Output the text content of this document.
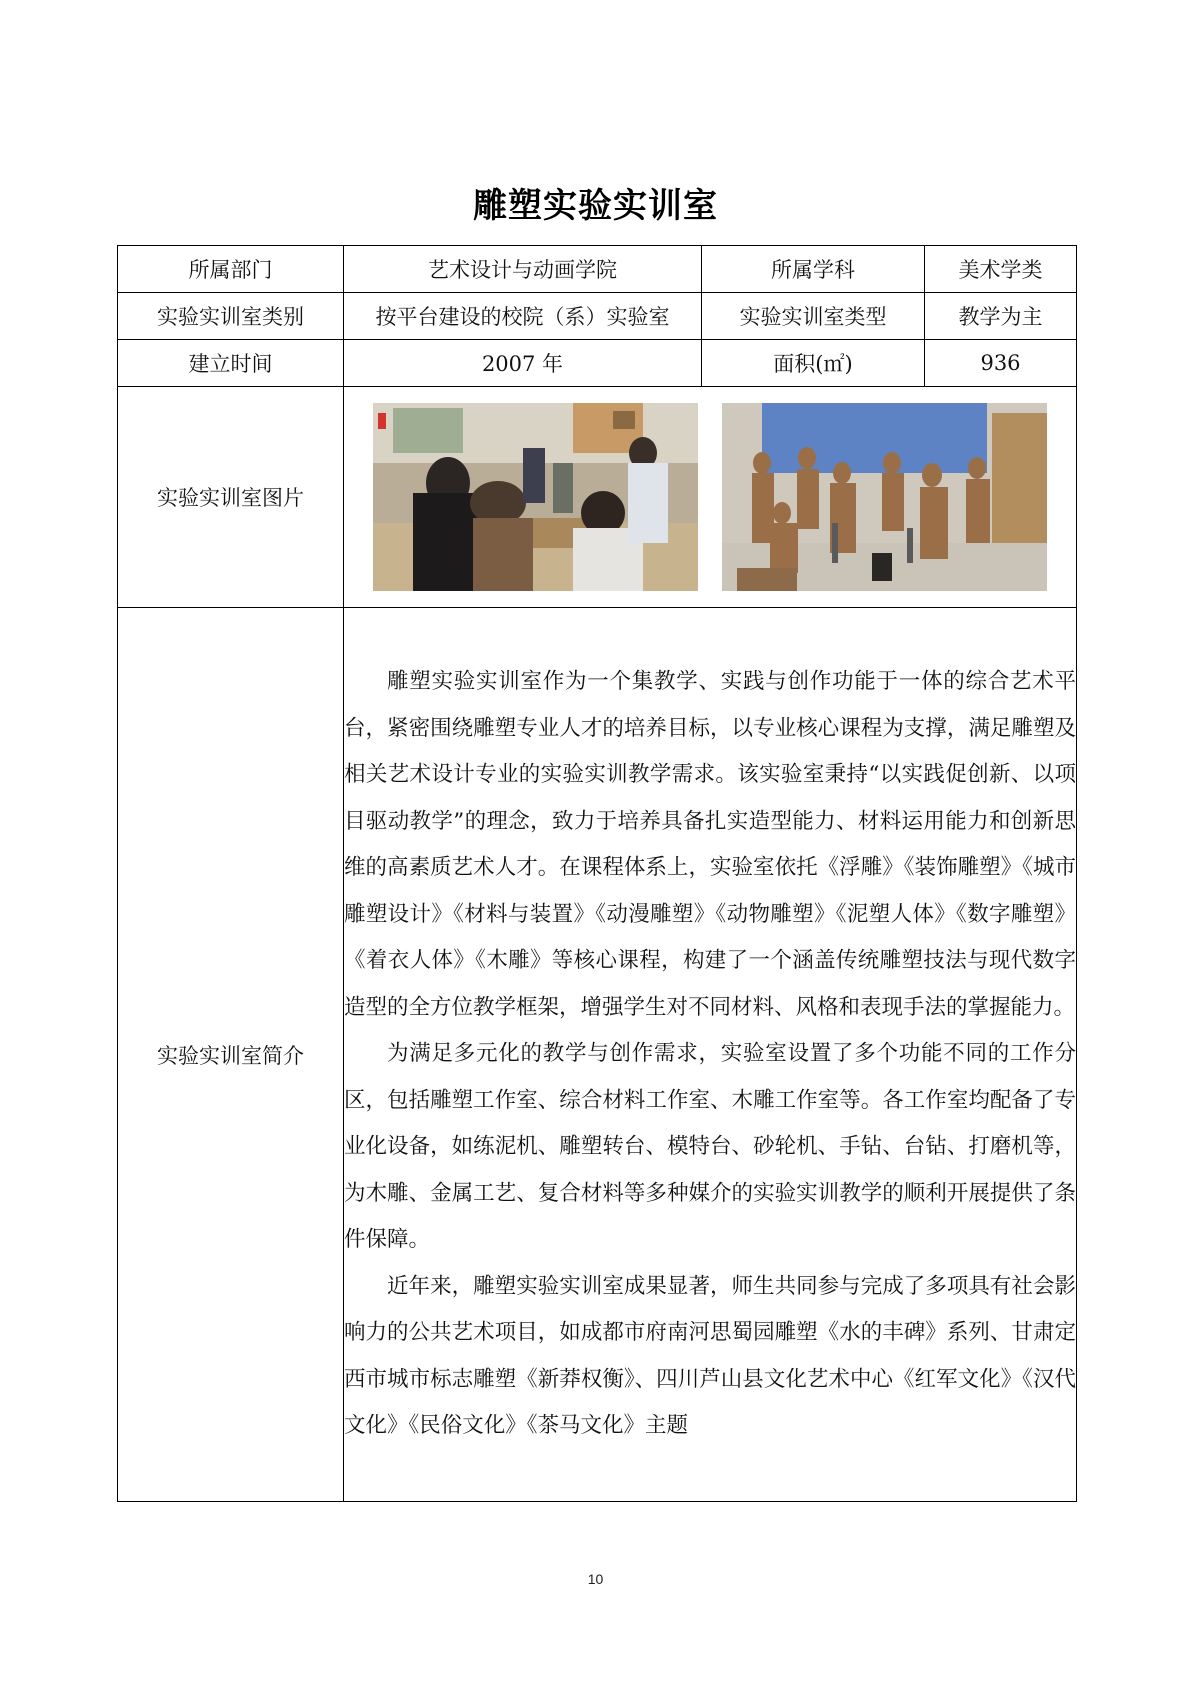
雕塑实验实训室
所属部门	艺术设计与动画学院	所属学科	美术学类
实验实训室类别	按平台建设的校院（系）实验室	实验实训室类型	教学为主
建立时间	2007 年	面积(㎡)	936
实验实训室图片	

实验实训室简介	雕塑实验实训室作为一个集教学、实践与创作功能于一体的综合艺术平台，紧密围绕雕塑专业人才的培养目标，以专业核心课程为支撑，满足雕塑及相关艺术设计专业的实验实训教学需求。该实验室秉持“以实践促创新、以项目驱动教学”的理念，致力于培养具备扎实造型能力、材料运用能力和创新思维的高素质艺术人才。在课程体系上，实验室依托《浮雕》《装饰雕塑》《城市雕塑设计》《材料与装置》《动漫雕塑》《动物雕塑》《泥塑人体》《数字雕塑》《着衣人体》《木雕》等核心课程，构建了一个涵盖传统雕塑技法与现代数字造型的全方位教学框架，增强学生对不同材料、风格和表现手法的掌握能力。

为满足多元化的教学与创作需求，实验室设置了多个功能不同的工作分区，包括雕塑工作室、综合材料工作室、木雕工作室等。各工作室均配备了专业化设备，如练泥机、雕塑转台、模特台、砂轮机、手钻、台钻、打磨机等，为木雕、金属工艺、复合材料等多种媒介的实验实训教学的顺利开展提供了条件保障。

近年来，雕塑实验实训室成果显著，师生共同参与完成了多项具有社会影响力的公共艺术项目，如成都市府南河思蜀园雕塑《水的丰碑》系列、甘肃定西市城市标志雕塑《新莽权衡》、四川芦山县文化艺术中心《红军文化》《汉代文化》《民俗文化》《茶马文化》主题		

10
